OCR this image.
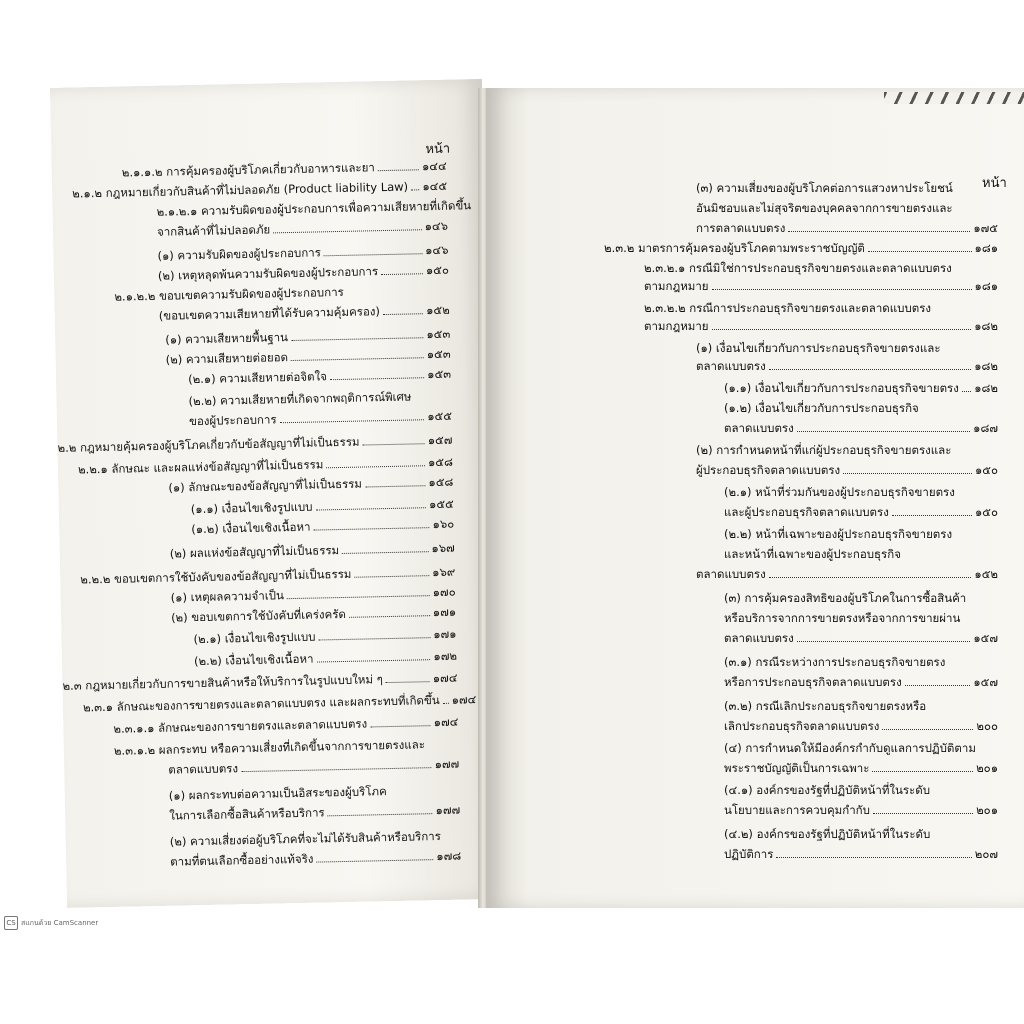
หน้า
๒.๑.๑.๒ การคุ้มครองผู้บริโภคเกี่ยวกับอาหารและยา	๑๔๔
๒.๑.๒ กฎหมายเกี่ยวกับสินค้าที่ไม่ปลอดภัย (Product liability Law) ๑๔๕
๒.๑.๒.๑ ความรับผิดของผู้ประกอบการเพื่อความเสียหายที่เกิดขึ้น
จากสินค้าที่ไม่ปลอดภัย	๑๔๖
(๑) ความรับผิดของผู้ประกอบการ	๑๔๖
(๒) เหตุหลุดพ้นความรับผิดของผู้ประกอบการ	๑๕๐
๒.๑.๒.๒ ขอบเขตความรับผิดของผู้ประกอบการ
(ขอบเขตความเสียหายที่ได้รับความคุ้มครอง)	๑๕๒
(๑) ความเสียหายพื้นฐาน	๑๕๓
(๒) ความเสียหายต่อยอด	๑๕๓
(๒.๑) ความเสียหายต่อจิตใจ	๑๕๓
(๒.๒) ความเสียหายที่เกิดจากพฤติการณ์พิเศษ
ของผู้ประกอบการ	๑๕๕
๒.๒ กฎหมายคุ้มครองผู้บริโภคเกี่ยวกับข้อสัญญาที่ไม่เป็นธรรม	๑๕๗
๒.๒.๑ ลักษณะ และผลแห่งข้อสัญญาที่ไม่เป็นธรรม	๑๕๘
(๑) ลักษณะของข้อสัญญาที่ไม่เป็นธรรม	๑๕๘
(๑.๑) เงื่อนไขเชิงรูปแบบ	๑๕๕
(๑.๒) เงื่อนไขเชิงเนื้อหา	๑๖๐
(๒) ผลแห่งข้อสัญญาที่ไม่เป็นธรรม	๑๖๗
๒.๒.๒ ขอบเขตการใช้บังคับของข้อสัญญาที่ไม่เป็นธรรม	๑๖๙
(๑) เหตุผลความจำเป็น	๑๗๐
(๒) ขอบเขตการใช้บังคับที่เคร่งครัด	๑๗๑
(๒.๑) เงื่อนไขเชิงรูปแบบ	๑๗๑
(๒.๒) เงื่อนไขเชิงเนื้อหา	๑๗๒
๒.๓ กฎหมายเกี่ยวกับการขายสินค้าหรือให้บริการในรูปแบบใหม่ ๆ	๑๗๔
๒.๓.๑ ลักษณะของการขายตรงและตลาดแบบตรง และผลกระทบที่เกิดขึ้น ๑๗๔
๒.๓.๑.๑ ลักษณะของการขายตรงและตลาดแบบตรง	๑๗๔
๒.๓.๑.๒ ผลกระทบ หรือความเสี่ยงที่เกิดขึ้นจากการขายตรงและ
ตลาดแบบตรง	๑๗๗
(๑) ผลกระทบต่อความเป็นอิสระของผู้บริโภค
ในการเลือกซื้อสินค้าหรือบริการ	๑๗๗
(๒) ความเสี่ยงต่อผู้บริโภคที่จะไม่ได้รับสินค้าหรือบริการ
ตามที่ตนเลือกซื้ออย่างแท้จริง	๑๗๘
หน้า
(๓) ความเสี่ยงของผู้บริโภคต่อการแสวงหาประโยชน์
อันมิชอบและไม่สุจริตของบุคคลจากการขายตรงและ
การตลาดแบบตรง	๑๗๕
๒.๓.๒ มาตรการคุ้มครองผู้บริโภคตามพระราชบัญญัติ	๑๘๑
๒.๓.๒.๑ กรณีมิใช่การประกอบธุรกิจขายตรงและตลาดแบบตรง
ตามกฎหมาย	๑๘๑
๒.๓.๒.๒ กรณีการประกอบธุรกิจขายตรงและตลาดแบบตรง
ตามกฎหมาย	๑๘๒
(๑) เงื่อนไขเกี่ยวกับการประกอบธุรกิจขายตรงและ
ตลาดแบบตรง	๑๘๒
(๑.๑) เงื่อนไขเกี่ยวกับการประกอบธุรกิจขายตรง ๑๘๒
(๑.๒) เงื่อนไขเกี่ยวกับการประกอบธุรกิจ
ตลาดแบบตรง	๑๘๗
(๒) การกำหนดหน้าที่แก่ผู้ประกอบธุรกิจขายตรงและ
ผู้ประกอบธุรกิจตลาดแบบตรง	๑๕๐
(๒.๑) หน้าที่ร่วมกันของผู้ประกอบธุรกิจขายตรง
และผู้ประกอบธุรกิจตลาดแบบตรง	๑๕๐
(๒.๒) หน้าที่เฉพาะของผู้ประกอบธุรกิจขายตรง
และหน้าที่เฉพาะของผู้ประกอบธุรกิจ
ตลาดแบบตรง	๑๕๒
(๓) การคุ้มครองสิทธิของผู้บริโภคในการซื้อสินค้า
หรือบริการจากการขายตรงหรือจากการขายผ่าน
ตลาดแบบตรง	๑๕๗
(๓.๑) กรณีระหว่างการประกอบธุรกิจขายตรง
หรือการประกอบธุรกิจตลาดแบบตรง	๑๕๗
(๓.๒) กรณีเลิกประกอบธุรกิจขายตรงหรือ
เลิกประกอบธุรกิจตลาดแบบตรง	๒๐๐
(๔) การกำหนดให้มีองค์กรกำกับดูแลการปฏิบัติตาม
พระราชบัญญัติเป็นการเฉพาะ	๒๐๑
(๔.๑) องค์กรของรัฐที่ปฏิบัติหน้าที่ในระดับ
นโยบายและการควบคุมกำกับ	๒๐๑
(๔.๒) องค์กรของรัฐที่ปฏิบัติหน้าที่ในระดับ
ปฏิบัติการ	๒๐๗
CS สแกนด้วย CamScanner
